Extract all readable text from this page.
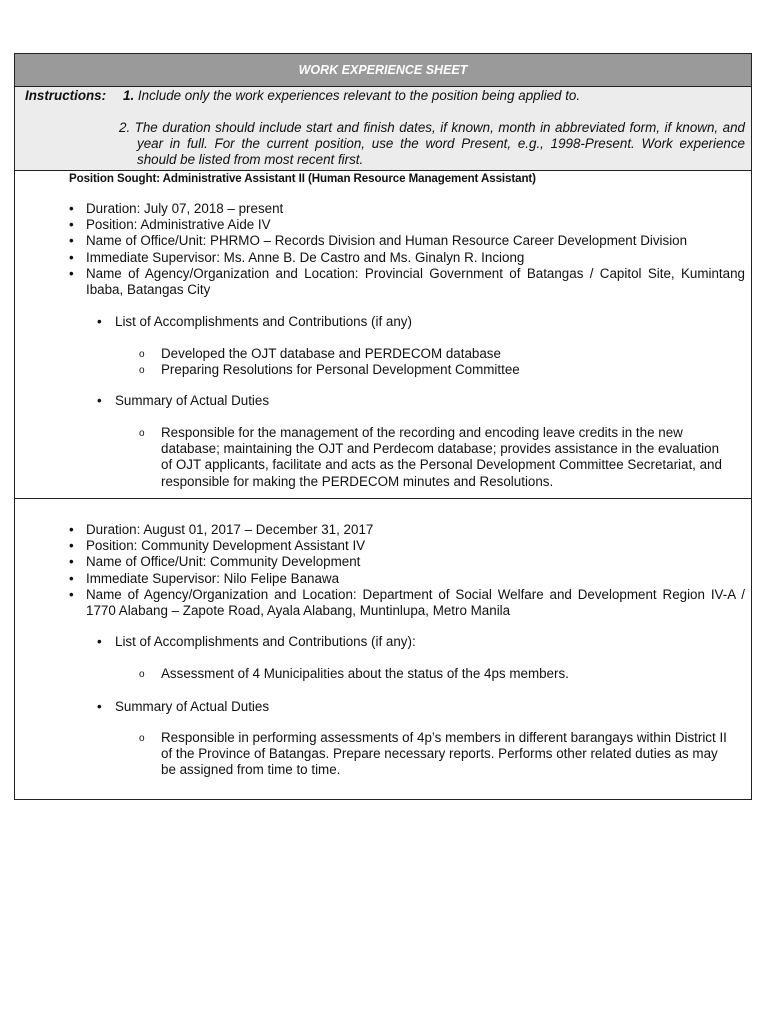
WORK EXPERIENCE SHEET
Instructions:	1.
Include only the work experiences relevant to the position being applied to.
2. The duration should include start and finish dates, if known, month in abbreviated form, if known, and year in full. For the current position, use the word Present, e.g., 1998-Present. Work experience should be listed from most recent first.
Position Sought: Administrative Assistant II (Human Resource Management Assistant)
• Duration: July 07, 2018 – present
• Position: Administrative Aide IV
• Name of Office/Unit: PHRMO – Records Division and Human Resource Career Development Division
• Immediate Supervisor: Ms. Anne B. De Castro and Ms. Ginalyn R. Inciong
• Name of Agency/Organization and Location: Provincial Government of Batangas / Capitol Site, Kumintang Ibaba, Batangas City
• List of Accomplishments and Contributions (if any)
o Developed the OJT database and PERDECOM database
o Preparing Resolutions for Personal Development Committee
• Summary of Actual Duties
o Responsible for the management of the recording and encoding leave credits in the new database; maintaining the OJT and Perdecom database; provides assistance in the evaluation of OJT applicants, facilitate and acts as the Personal Development Committee Secretariat, and responsible for making the PERDECOM minutes and Resolutions.
• Duration: August 01, 2017 – December 31, 2017
• Position: Community Development Assistant IV
• Name of Office/Unit: Community Development
• Immediate Supervisor: Nilo Felipe Banawa
• Name of Agency/Organization and Location: Department of Social Welfare and Development Region IV-A / 1770 Alabang – Zapote Road, Ayala Alabang, Muntinlupa, Metro Manila
• List of Accomplishments and Contributions (if any):
o Assessment of 4 Municipalities about the status of the 4ps members.
• Summary of Actual Duties
o Responsible in performing assessments of 4p’s members in different barangays within District II of the Province of Batangas. Prepare necessary reports. Performs other related duties as may be assigned from time to time.
